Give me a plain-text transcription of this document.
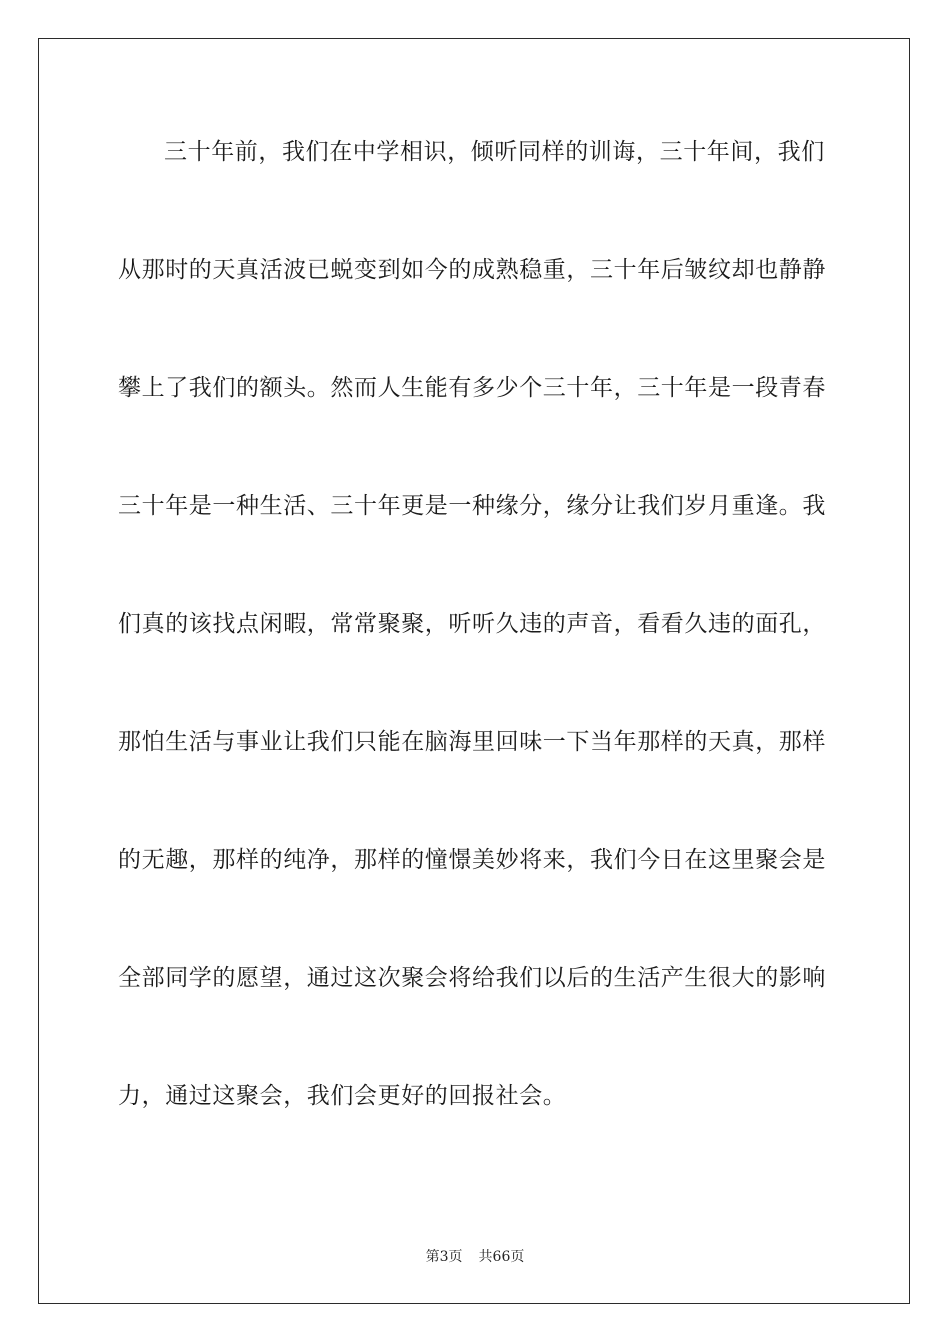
三十年前，我们在中学相识，倾听同样的训诲，三十年间，我们
从那时的天真活波已蜕变到如今的成熟稳重，三十年后皱纹却也静静
攀上了我们的额头。然而人生能有多少个三十年，三十年是一段青春
三十年是一种生活、三十年更是一种缘分，缘分让我们岁月重逢。我
们真的该找点闲暇，常常聚聚，听听久违的声音，看看久违的面孔，
那怕生活与事业让我们只能在脑海里回味一下当年那样的天真，那样
的无趣，那样的纯净，那样的憧憬美妙将来，我们今日在这里聚会是
全部同学的愿望，通过这次聚会将给我们以后的生活产生很大的影响
力，通过这聚会，我们会更好的回报社会。
第3页 共66页
